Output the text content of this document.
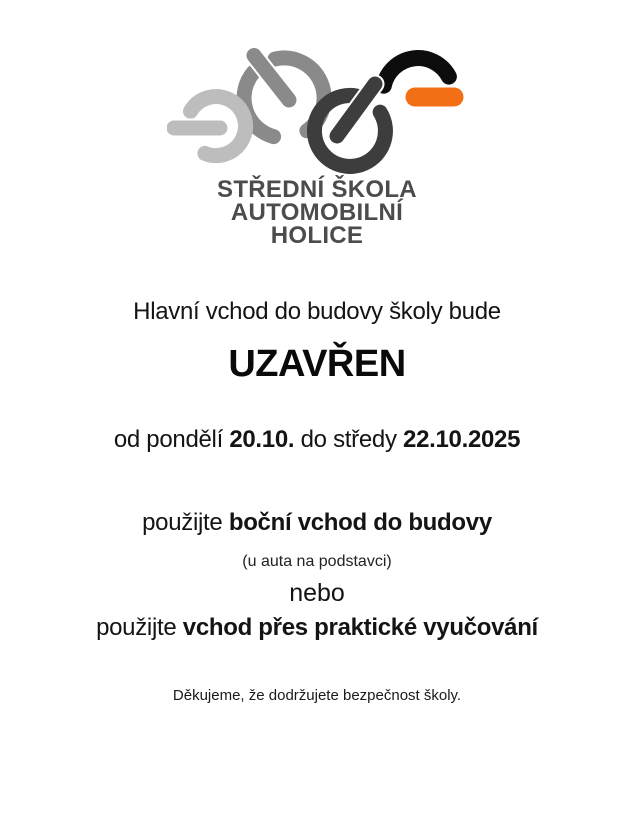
STŘEDNÍ ŠKOLA
AUTOMOBILNÍ
HOLICE
Hlavní vchod do budovy školy bude
UZAVŘEN
od pondělí 20.10. do středy 22.10.2025
použijte boční vchod do budovy
(u auta na podstavci)
nebo
použijte vchod přes praktické vyučování
Děkujeme, že dodržujete bezpečnost školy.
